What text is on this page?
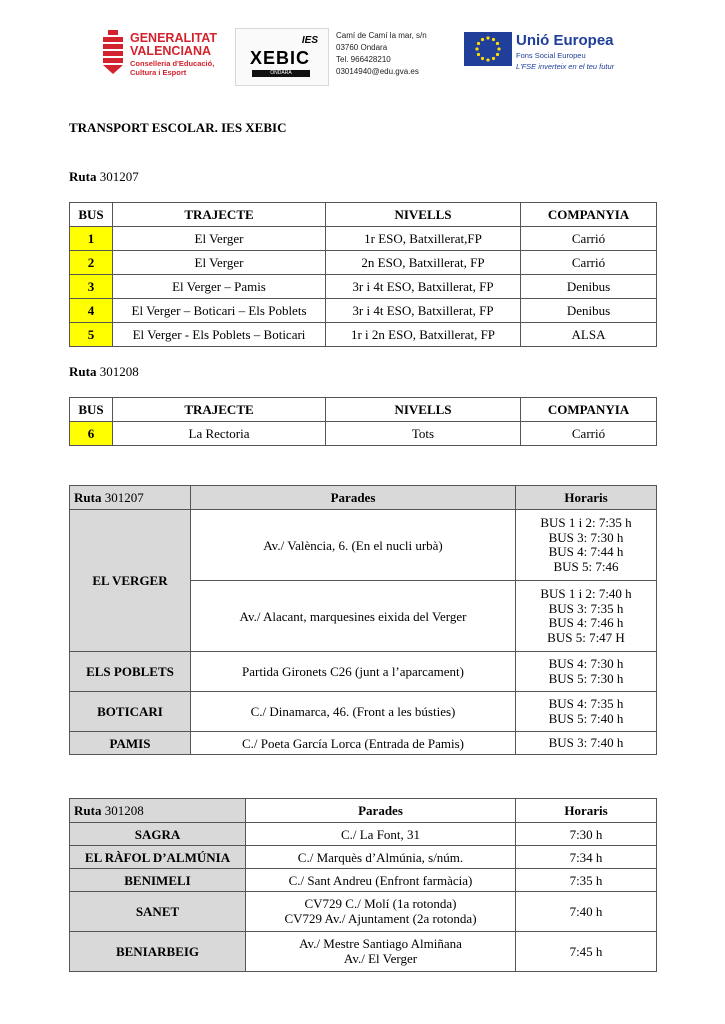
GENERALITAT
VALENCIANA
Conselleria d'Educació,
Cultura i Esport
IES
XEBIC
ONDARA
Camí de Camí la mar, s/n
03760 Ondara
Tel. 966428210
03014940@edu.gva.es
Unió Europea
Fons Social Europeu
L'FSE inverteix en el teu futur
TRANSPORT ESCOLAR. IES XEBIC
Ruta 301207
BUS	TRAJECTE	NIVELLS	COMPANYIA
1	El Verger	1r ESO, Batxillerat,FP	Carrió
2	El Verger	2n ESO, Batxillerat, FP	Carrió
3	El Verger – Pamis	3r i 4t ESO, Batxillerat, FP	Denibus
4	El Verger – Boticari – Els Poblets	3r i 4t ESO, Batxillerat, FP	Denibus
5	El Verger - Els Poblets – Boticari	1r i 2n ESO, Batxillerat, FP	ALSA
Ruta 301208
BUS	TRAJECTE	NIVELLS	COMPANYIA
6	La Rectoria	Tots	Carrió
Ruta 301207	Parades	Horaris
EL VERGER	Av./ València, 6. (En el nucli urbà)	BUS 1 i 2: 7:35 h
BUS 3: 7:30 h
BUS 4: 7:44 h
BUS 5: 7:46

	Av./ Alacant, marquesines eixida del Verger	BUS 1 i 2: 7:40 h
BUS 3: 7:35 h
BUS 4: 7:46 h
BUS 5: 7:47 H

ELS POBLETS	Partida Gironets C26 (junt a l’aparcament)	BUS 4: 7:30 h
BUS 5: 7:30 h

BOTICARI	C./ Dinamarca, 46. (Front a les bústies)	BUS 4: 7:35 h
BUS 5: 7:40 h

PAMIS	C./ Poeta García Lorca (Entrada de Pamis)	BUS 3: 7:40 h
Ruta 301208	Parades	Horaris
SAGRA	C./ La Font, 31	7:30 h
EL RÀFOL D’ALMÚNIA	C./ Marquès d’Almúnia, s/núm.	7:34 h
BENIMELI	C./ Sant Andreu (Enfront farmàcia)	7:35 h
SANET	CV729 C./ Molí (1a rotonda)
CV729 Av./ Ajuntament (2a rotonda)	7:40 h
BENIARBEIG	Av./ Mestre Santiago Almiñana
Av./ El Verger	7:45 h
